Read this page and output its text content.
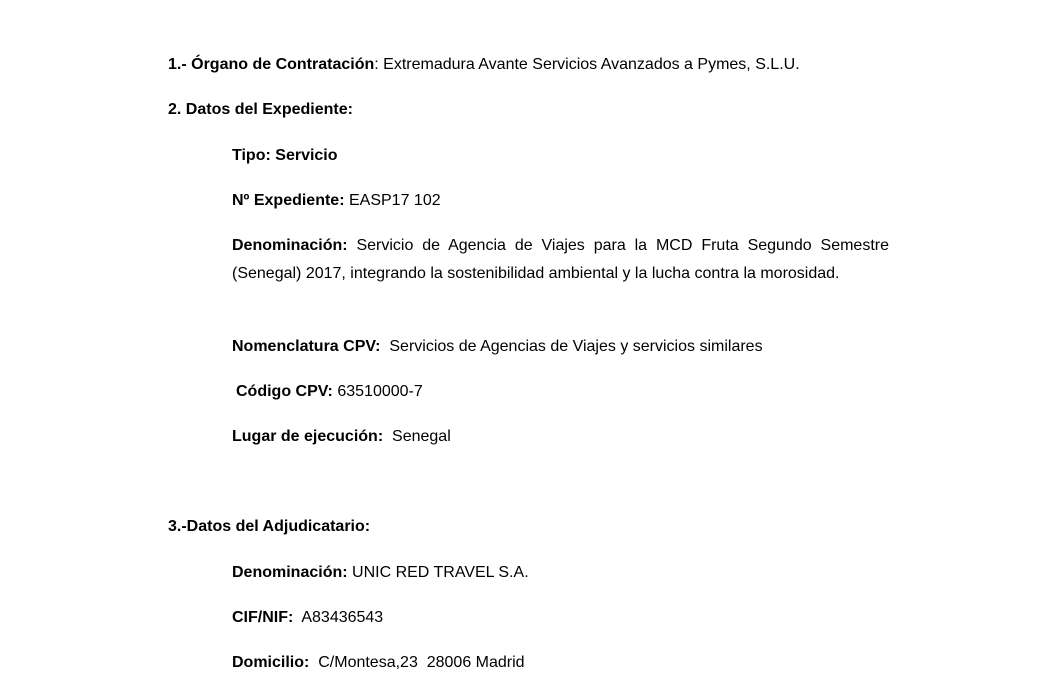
1.- Órgano de Contratación: Extremadura Avante Servicios Avanzados a Pymes, S.L.U.
2. Datos del Expediente:
Tipo: Servicio
Nº Expediente: EASP17 102
Denominación: Servicio de Agencia de Viajes para la MCD Fruta Segundo Semestre (Senegal) 2017, integrando la sostenibilidad ambiental y la lucha contra la morosidad.
Nomenclatura CPV: Servicios de Agencias de Viajes y servicios similares
Código CPV: 63510000-7
Lugar de ejecución: Senegal
3.-Datos del Adjudicatario:
Denominación: UNIC RED TRAVEL S.A.
CIF/NIF: A83436543
Domicilio: C/Montesa,23  28006 Madrid
